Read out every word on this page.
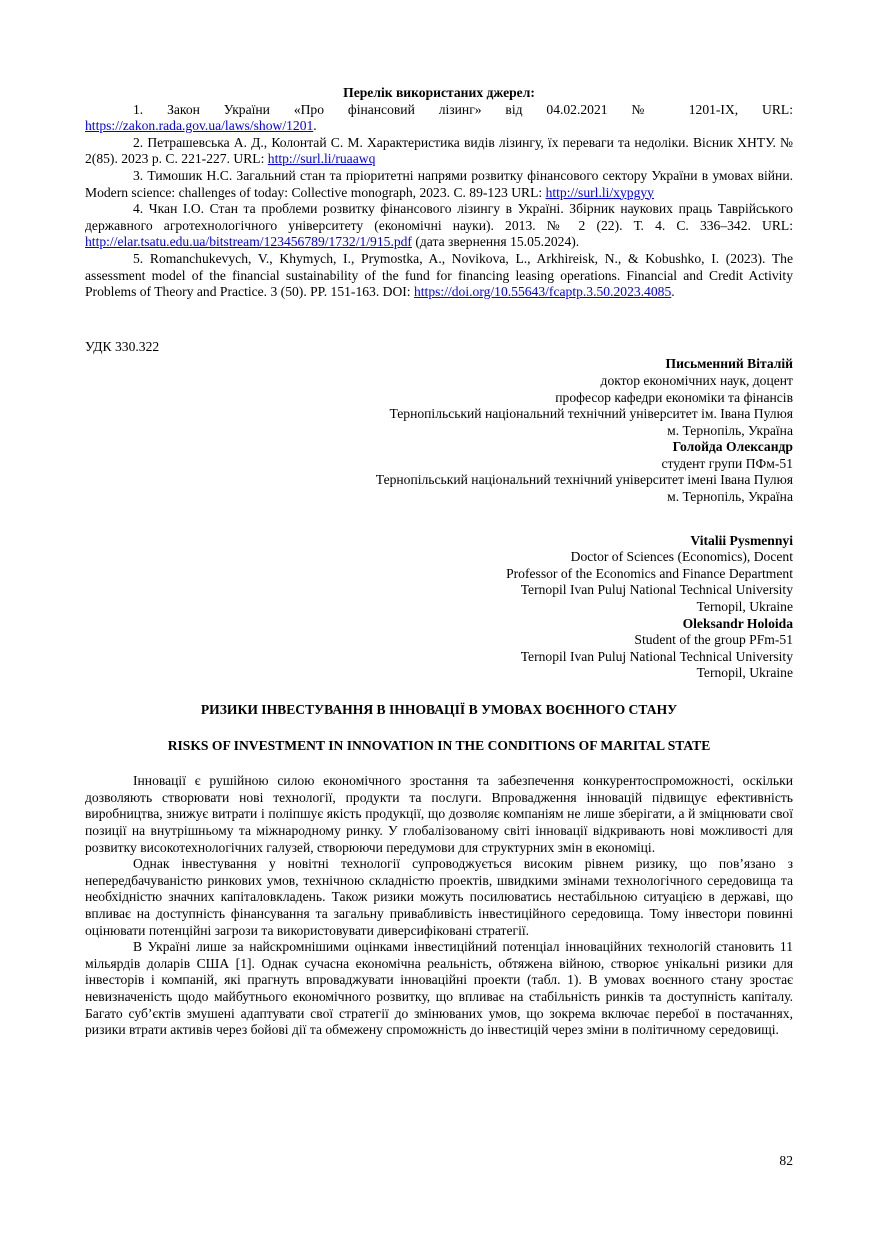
Перелік використаних джерел:

1. Закон України «Про фінансовий лізинг» від 04.02.2021 № 1201-IX, URL: https://zakon.rada.gov.ua/laws/show/1201.

2. Петрашевська А. Д., Колонтай С. М. Характеристика видів лізингу, їх переваги та недоліки. Вісник ХНТУ. № 2(85). 2023 р. С. 221-227. URL: http://surl.li/ruaawq

3. Тимошик Н.С. Загальний стан та пріоритетні напрями розвитку фінансового сектору України в умовах війни. Modern science: challenges of today: Collective monograph, 2023. C. 89-123 URL: http://surl.li/xypgyy

4. Чкан І.О. Стан та проблеми розвитку фінансового лізингу в Україні. Збірник наукових праць Таврійського державного агротехнологічного університету (економічні науки). 2013. № 2 (22). Т. 4. С. 336–342. URL: http://elar.tsatu.edu.ua/bitstream/123456789/1732/1/915.pdf (дата звернення 15.05.2024).

5. Romanchukevych, V., Khymych, I., Prymostka, A., Novikova, L., Arkhireisk, N., & Kobushko, I. (2023). The assessment model of the financial sustainability of the fund for financing leasing operations. Financial and Credit Activity Problems of Theory and Practice. 3 (50). PP. 151-163. DOI: https://doi.org/10.55643/fcaptp.3.50.2023.4085.

УДК 330.322

Письменний Віталій

доктор економічних наук, доцент

професор кафедри економіки та фінансів

Тернопільський національний технічний університет ім. Івана Пулюя

м. Тернопіль, Україна

Голойда Олександр

студент групи ПФм-51

Тернопільський національний технічний університет імені Івана Пулюя

м. Тернопіль, Україна

Vitalii Pysmennyi

Doctor of Sciences (Economics), Docent

Professor of the Economics and Finance Department

Ternopil Ivan Puluj National Technical University

Ternopil, Ukraine

Oleksandr Holoida

Student of the group PFm-51

Ternopil Ivan Puluj National Technical University

Ternopil, Ukraine

РИЗИКИ ІНВЕСТУВАННЯ В ІННОВАЦІЇ В УМОВАХ ВОЄННОГО СТАНУ

RISKS OF INVESTMENT IN INNOVATION IN THE CONDITIONS OF MARITAL STATE

Інновації є рушійною силою економічного зростання та забезпечення конкурентоспроможності, оскільки дозволяють створювати нові технології, продукти та послуги. Впровадження інновацій підвищує ефективність виробництва, знижує витрати і поліпшує якість продукції, що дозволяє компаніям не лише зберігати, а й зміцнювати свої позиції на внутрішньому та міжнародному ринку. У глобалізованому світі інновації відкривають нові можливості для розвитку високотехнологічних галузей, створюючи передумови для структурних змін в економіці.

Однак інвестування у новітні технології супроводжується високим рівнем ризику, що пов’язано з непередбачуваністю ринкових умов, технічною складністю проектів, швидкими змінами технологічного середовища та необхідністю значних капіталовкладень. Також ризики можуть посилюватись нестабільною ситуацією в державі, що впливає на доступність фінансування та загальну привабливість інвестиційного середовища. Тому інвестори повинні оцінювати потенційні загрози та використовувати диверсифіковані стратегії.

В Україні лише за найскромнішими оцінками інвестиційний потенціал інноваційних технологій становить 11 мільярдів доларів США [1]. Однак сучасна економічна реальність, обтяжена війною, створює унікальні ризики для інвесторів і компаній, які прагнуть впроваджувати інноваційні проекти (табл. 1). В умовах воєнного стану зростає невизначеність щодо майбутнього економічного розвитку, що впливає на стабільність ринків та доступність капіталу. Багато суб’єктів змушені адаптувати свої стратегії до змінюваних умов, що зокрема включає перебої в постачаннях, ризики втрати активів через бойові дії та обмежену спроможність до інвестицій через зміни в політичному середовищі.

82
